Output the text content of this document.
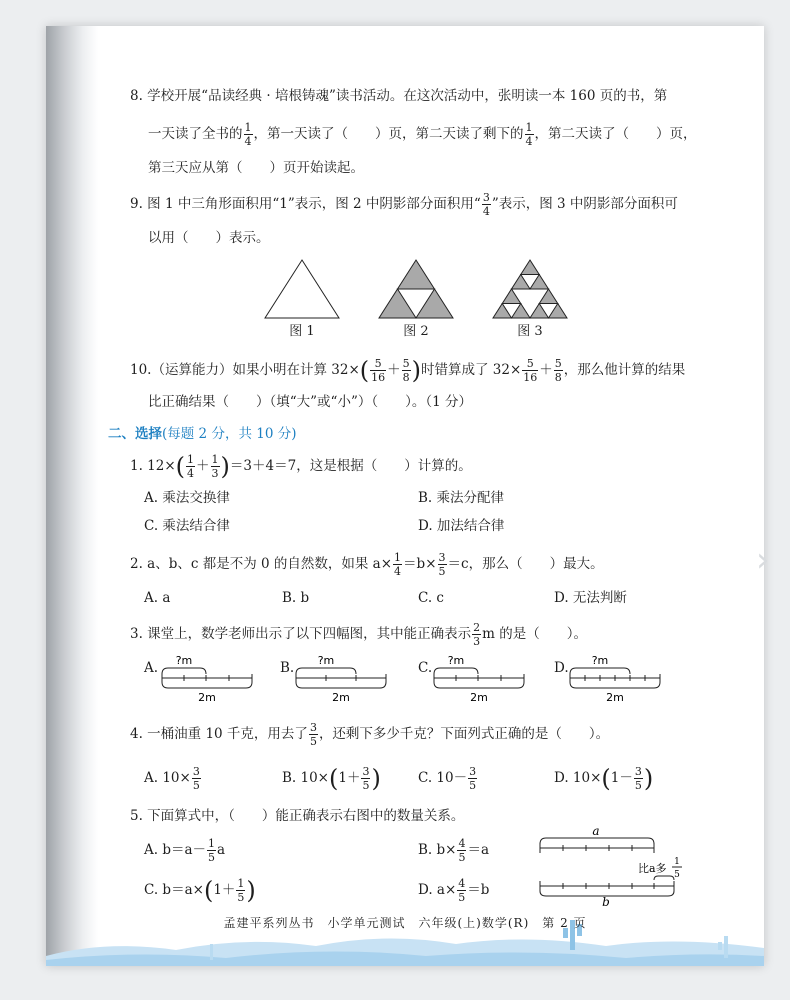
8. 学校开展“品读经典 · 培根铸魂”读书活动。在这次活动中，张明读一本 160 页的书，第
一天读了全书的 $\frac{1}{4}$ ，第一天读了（　　）页，第二天读了剩下的 $\frac{1}{4}$ ，第二天读了（　　）页，
第三天应从第（　　）页开始读起。
9. 图 1 中三角形面积用“1”表示，图 2 中阴影部分面积用“ $\frac{3}{4}$ ”表示，图 3 中阴影部分面积可
以用（　　）表示。
图 1	图 2	图 3
10.（运算能力）如果小明在计算 $32\times( \frac{5}{16} + \frac{5}{8}$ )时错算成了 $32\times \frac{5}{16} + \frac{5}{8}$ ，那么他计算的结果
比正确结果（　　）（填“大”或“小”）（　　）。（1 分）
二、选择(每题 2 分，共 10 分)
1. $12\times( \frac{1}{4} + \frac{1}{3} )=3+4=7$，这是根据（　　）计算的。
A. 乘法交换律	B. 乘法分配律
C. 乘法结合律	D. 加法结合律
2. a、b、c 都是不为 0 的自然数，如果 $a\times \frac{1}{4} =b\times \frac{3}{5} =c$，那么（　　）最大。
A. a	B. b	C. c	D. 无法判断
3. 课堂上，数学老师出示了以下四幅图，其中能正确表示 $\frac{2}{3}$ m 的是（　　）。
A. ?m
2m
B. ?m
2m
C. ?m
2m
D. ?m
2m
4. 一桶油重 10 千克，用去了 $\frac{3}{5}$ ，还剩下多少千克？下面列式正确的是（　　）。
A. $10\times \frac{3}{5}$	B. $10\times(1+ \frac{3}{5}$ )	C. $10- \frac{3}{5}$	D. $10\times(1- \frac{3}{5}$ )
5. 下面算式中，（　　）能正确表示右图中的数量关系。
A. $b=a- \frac{1}{5}$ a	B. $b\times \frac{4}{5} =a$
C. $b=a\times(1+ \frac{1}{5}$ )	D. $a\times \frac{4}{5} =b$
a
比a多 1
5
b
孟建平系列丛书　小学单元测试　六年级(上)数学(R)　第 2 页
›
